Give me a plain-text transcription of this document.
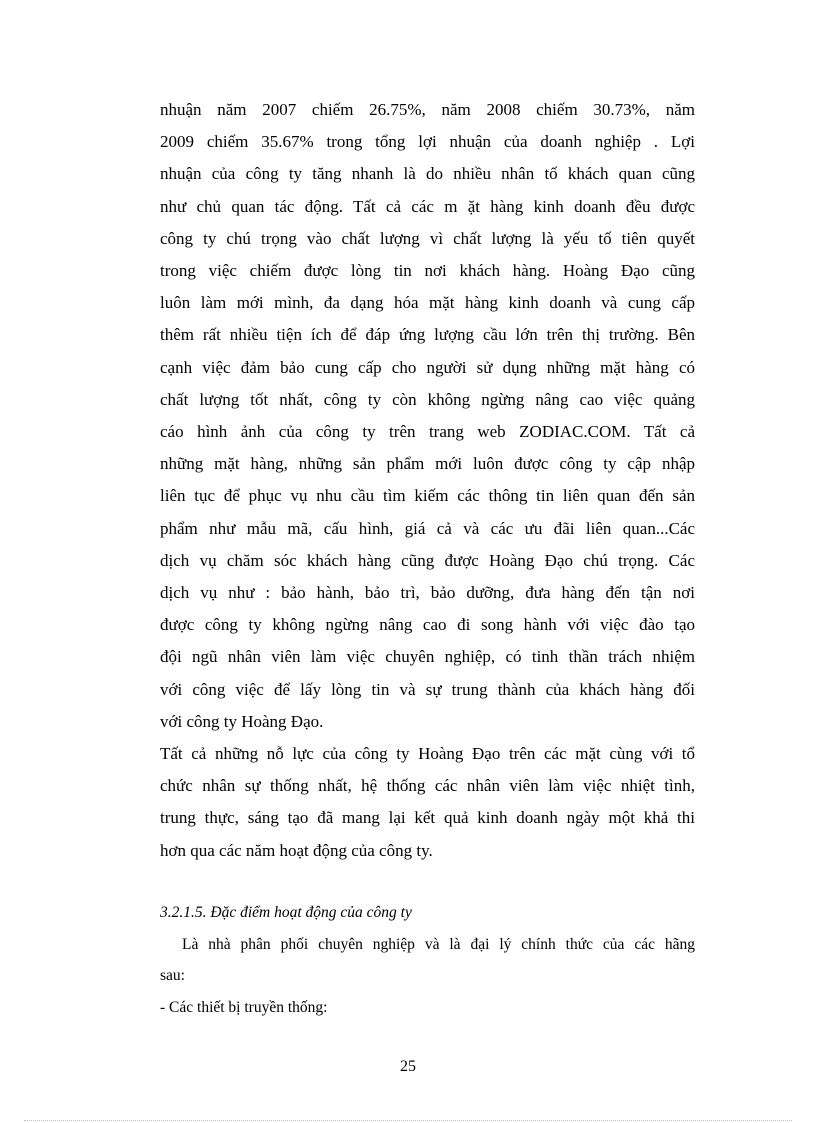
nhuận năm 2007 chiếm 26.75%, năm 2008 chiếm 30.73%, năm
2009 chiếm 35.67% trong tổng lợi nhuận của doanh nghiệp . Lợi
nhuận của công ty tăng nhanh là do nhiều nhân tố khách quan cũng
như chủ quan tác động. Tất cả các m ặt hàng kinh doanh đều được
công ty chú trọng vào chất lượng vì chất lượng là yếu tố tiên quyết
trong việc chiếm được lòng tin nơi khách hàng. Hoàng Đạo cũng
luôn làm mới mình, đa dạng hóa mặt hàng kinh doanh và cung cấp
thêm rất nhiều tiện ích để đáp ứng lượng cầu lớn trên thị trường. Bên
cạnh việc đảm bảo cung cấp cho người sử dụng những mặt hàng có
chất lượng tốt nhất, công ty còn không ngừng nâng cao việc quảng
cáo hình ảnh của công ty trên trang web ZODIAC.COM. Tất cả
những mặt hàng, những sản phẩm mới luôn được công ty cập nhập
liên tục để phục vụ nhu cầu tìm kiếm các thông tin liên quan đến sản
phẩm như mẫu mã, cấu hình, giá cả và các ưu đãi liên quan...Các
dịch vụ chăm sóc khách hàng cũng được Hoàng Đạo chú trọng. Các
dịch vụ như : bảo hành, bảo trì, bảo dưỡng, đưa hàng đến tận nơi
được công ty không ngừng nâng cao đi song hành với việc đào tạo
đội ngũ nhân viên làm việc chuyên nghiệp, có tinh thần trách nhiệm
với công việc để lấy lòng tin và sự trung thành của khách hàng đối
với công ty Hoàng Đạo.
Tất cả những nỗ lực của công ty Hoàng Đạo trên các mặt cùng với tổ
chức nhân sự thống nhất, hệ thống các nhân viên làm việc nhiệt tình,
trung thực, sáng tạo đã mang lại kết quả kinh doanh ngày một khả thi
hơn qua các năm hoạt động của công ty.
3.2.1.5. Đặc điểm hoạt động của công ty
Là nhà phân phối chuyên nghiệp và là đại lý chính thức của các hãng
sau:
- Các thiết bị truyền thống:
25
